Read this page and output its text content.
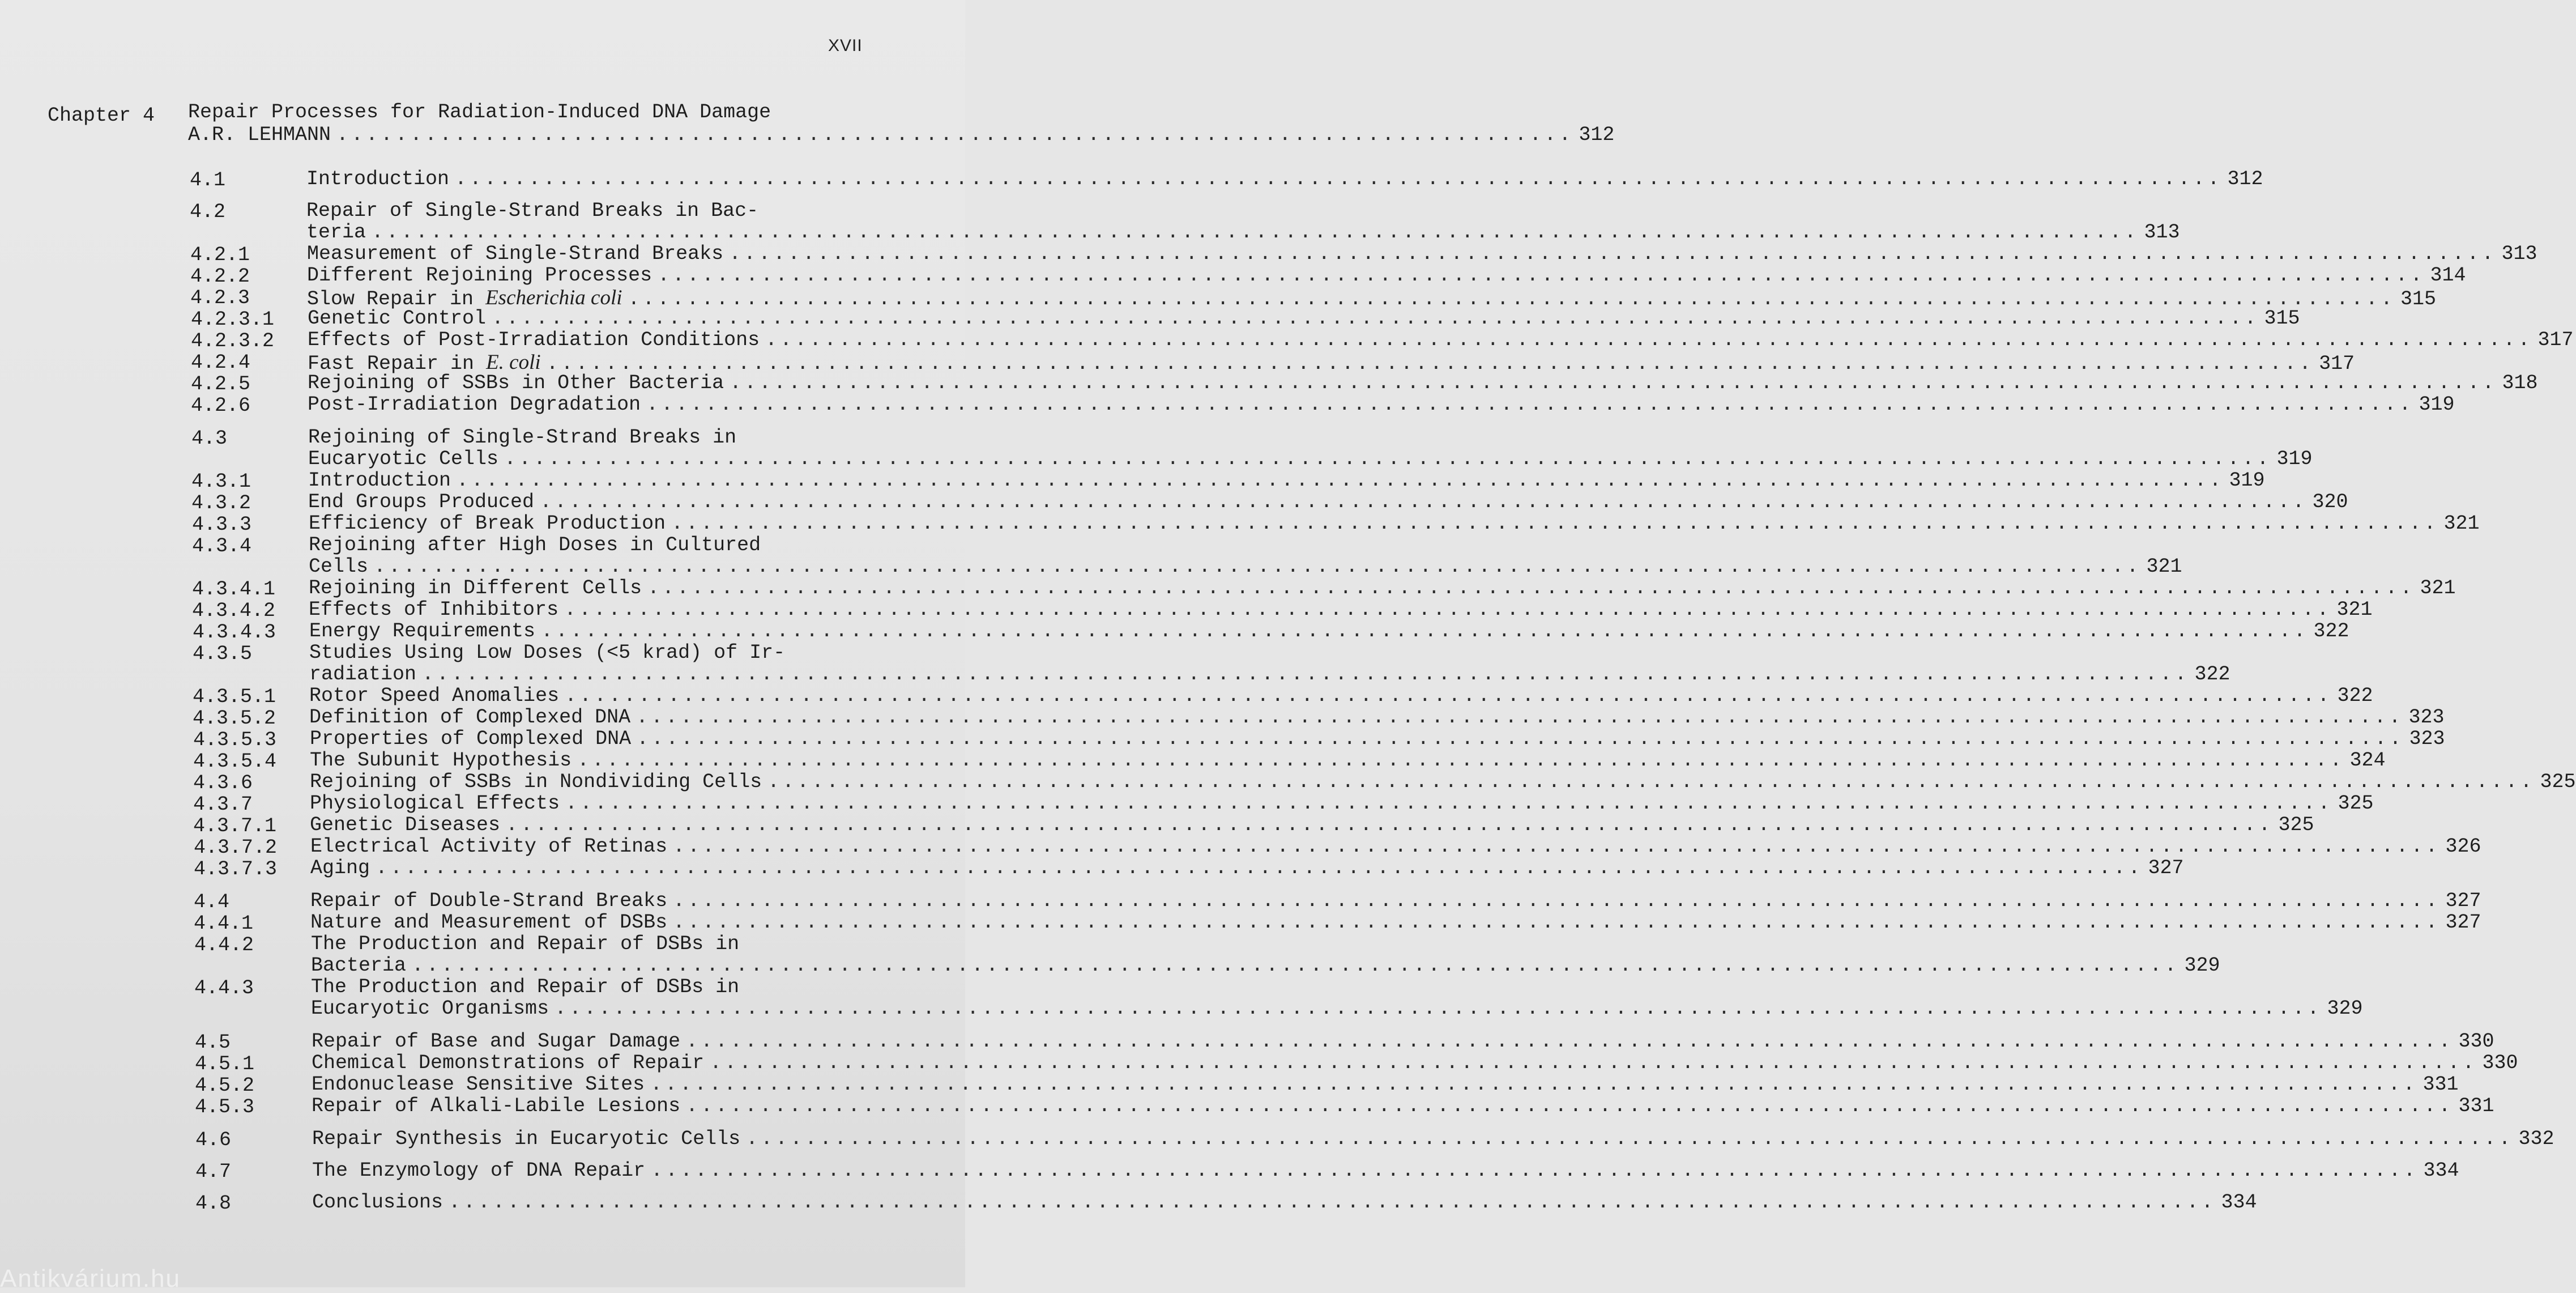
XVII
Chapter 4 Repair Processes for Radiation-Induced DNA Damage
A.R. LEHMANN .................................................................................... 312
4.1	Introduction ........................................................................................................................ 312
4.2	Repair of Single-Strand Breaks in Bac-
teria ........................................................................................................................ 313
4.2.1	Measurement of Single-Strand Breaks ........................................................................................................................ 313
4.2.2	Different Rejoining Processes ........................................................................................................................ 314
4.2.3	Slow Repair in Escherichia coli ........................................................................................................................ 315
4.2.3.1 Genetic Control ........................................................................................................................ 315
4.2.3.2 Effects of Post-Irradiation Conditions ........................................................................................................................ 317
4.2.4	Fast Repair in E. coli ........................................................................................................................ 317
4.2.5	Rejoining of SSBs in Other Bacteria ........................................................................................................................ 318
4.2.6	Post-Irradiation Degradation ........................................................................................................................ 319
4.3	Rejoining of Single-Strand Breaks in
Eucaryotic Cells ........................................................................................................................ 319
4.3.1	Introduction ........................................................................................................................ 319
4.3.2	End Groups Produced ........................................................................................................................ 320
4.3.3	Efficiency of Break Production ........................................................................................................................ 321
4.3.4	Rejoining after High Doses in Cultured
Cells ........................................................................................................................ 321
4.3.4.1 Rejoining in Different Cells ........................................................................................................................ 321
4.3.4.2 Effects of Inhibitors ........................................................................................................................ 321
4.3.4.3 Energy Requirements ........................................................................................................................ 322
4.3.5	Studies Using Low Doses (<5 krad) of Ir-
radiation ........................................................................................................................ 322
4.3.5.1 Rotor Speed Anomalies ........................................................................................................................ 322
4.3.5.2 Definition of Complexed DNA ........................................................................................................................ 323
4.3.5.3 Properties of Complexed DNA ........................................................................................................................ 323
4.3.5.4 The Subunit Hypothesis ........................................................................................................................ 324
4.3.6	Rejoining of SSBs in Nondividing Cells ........................................................................................................................ 325
4.3.7	Physiological Effects ........................................................................................................................ 325
4.3.7.1 Genetic Diseases ........................................................................................................................ 325
4.3.7.2 Electrical Activity of Retinas ........................................................................................................................ 326
4.3.7.3 Aging ........................................................................................................................ 327
4.4	Repair of Double-Strand Breaks ........................................................................................................................ 327
4.4.1	Nature and Measurement of DSBs ........................................................................................................................ 327
4.4.2	The Production and Repair of DSBs in
Bacteria ........................................................................................................................ 329
4.4.3	The Production and Repair of DSBs in
Eucaryotic Organisms ........................................................................................................................ 329
4.5	Repair of Base and Sugar Damage ........................................................................................................................ 330
4.5.1	Chemical Demonstrations of Repair ........................................................................................................................ 330
4.5.2	Endonuclease Sensitive Sites ........................................................................................................................ 331
4.5.3	Repair of Alkali-Labile Lesions ........................................................................................................................ 331
4.6	Repair Synthesis in Eucaryotic Cells ........................................................................................................................ 332
4.7	The Enzymology of DNA Repair ........................................................................................................................ 334
4.8	Conclusions ........................................................................................................................ 334
Antikvárium.hu
